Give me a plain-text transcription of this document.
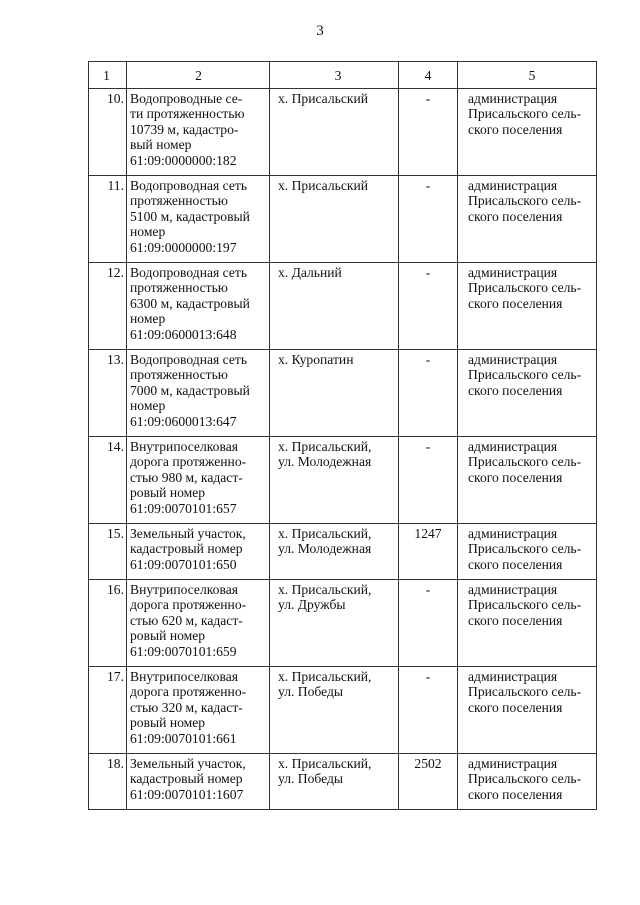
3
1	2	3	4	5
10.	Водопроводные се-
ти протяженностью
10739 м, кадастро-
вый номер
61:09:0000000:182	х. Присальский	-	администрация
Присальского сель-
ского поселения

11.	Водопроводная сеть
протяженностью
5100 м, кадастровый
номер
61:09:0000000:197	х. Присальский	-	администрация
Присальского сель-
ского поселения

12.	Водопроводная сеть
протяженностью
6300 м, кадастровый
номер
61:09:0600013:648	х. Дальний	-	администрация
Присальского сель-
ского поселения

13.	Водопроводная сеть
протяженностью
7000 м, кадастровый
номер
61:09:0600013:647	х. Куропатин	-	администрация
Присальского сель-
ского поселения

14.	Внутрипоселковая
дорога протяженно-
стью 980 м, кадаст-
ровый номер
61:09:0070101:657	х. Присальский,
ул. Молодежная	-	администрация
Присальского сель-
ского поселения

15.	Земельный участок,
кадастровый номер
61:09:0070101:650	х. Присальский,
ул. Молодежная	1247	администрация
Присальского сель-
ского поселения

16.	Внутрипоселковая
дорога протяженно-
стью 620 м, кадаст-
ровый номер
61:09:0070101:659	х. Присальский,
ул. Дружбы	-	администрация
Присальского сель-
ского поселения

17.	Внутрипоселковая
дорога протяженно-
стью 320 м, кадаст-
ровый номер
61:09:0070101:661	х. Присальский,
ул. Победы	-	администрация
Присальского сель-
ского поселения

18.	Земельный участок,
кадастровый номер
61:09:0070101:1607	х. Присальский,
ул. Победы	2502	администрация
Присальского сель-
ского поселения
